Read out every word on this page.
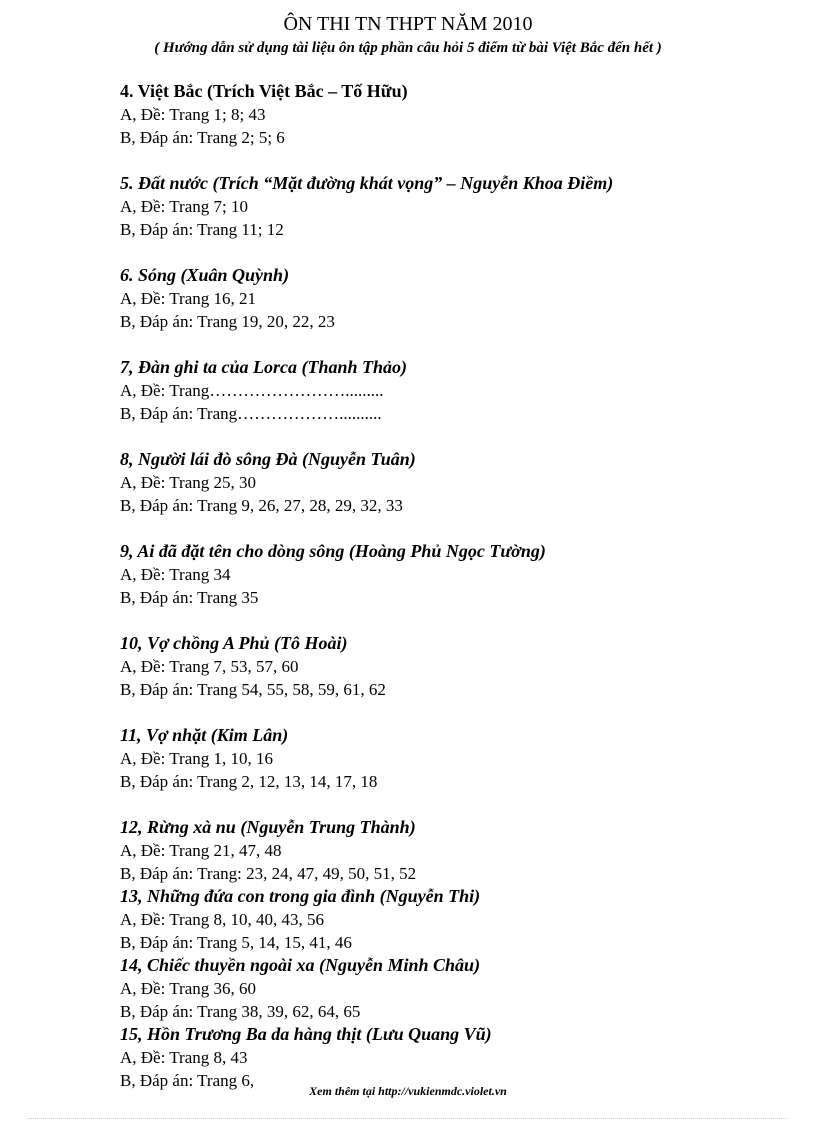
ÔN THI TN THPT NĂM 2010
( Hướng dẫn sử dụng tài liệu ôn tập phần câu hỏi 5 điểm từ bài Việt Bắc đến hết )
4. Việt Bắc (Trích Việt Bắc – Tố Hữu)
A, Đề: Trang 1; 8; 43
B, Đáp án: Trang 2; 5; 6
5. Đất nước (Trích “Mặt đường khát vọng” – Nguyễn Khoa Điềm)
A, Đề: Trang 7; 10
B, Đáp án: Trang 11; 12
6. Sóng (Xuân Quỳnh)
A, Đề: Trang 16, 21
B, Đáp án: Trang 19, 20, 22, 23
7, Đàn ghi ta của Lorca (Thanh Thảo)
A, Đề: Trang…………………….........
B, Đáp án: Trang………………..........
8, Người lái đò sông Đà (Nguyễn Tuân)
A, Đề: Trang 25, 30
B, Đáp án: Trang 9, 26, 27, 28, 29, 32, 33
9, Ai đã đặt tên cho dòng sông (Hoàng Phủ Ngọc Tường)
A, Đề: Trang 34
B, Đáp án: Trang 35
10, Vợ chồng A Phủ (Tô Hoài)
A, Đề: Trang 7, 53, 57, 60
B, Đáp án: Trang 54, 55, 58, 59, 61, 62
11, Vợ nhặt (Kim Lân)
A, Đề: Trang 1, 10, 16
B, Đáp án: Trang 2, 12, 13, 14, 17, 18
12, Rừng xà nu (Nguyễn Trung Thành)
A, Đề: Trang 21, 47, 48
B, Đáp án: Trang: 23, 24, 47, 49, 50, 51, 52
13, Những đứa con trong gia đình (Nguyễn Thi)
A, Đề: Trang 8, 10, 40, 43, 56
B, Đáp án: Trang 5, 14, 15, 41, 46
14, Chiếc thuyền ngoài xa (Nguyễn Minh Châu)
A, Đề: Trang 36, 60
B, Đáp án: Trang 38, 39, 62, 64, 65
15, Hồn Trương Ba da hàng thịt (Lưu Quang Vũ)
A, Đề: Trang 8, 43
B, Đáp án: Trang 6,
Xem thêm tại http://vukienmdc.violet.vn
